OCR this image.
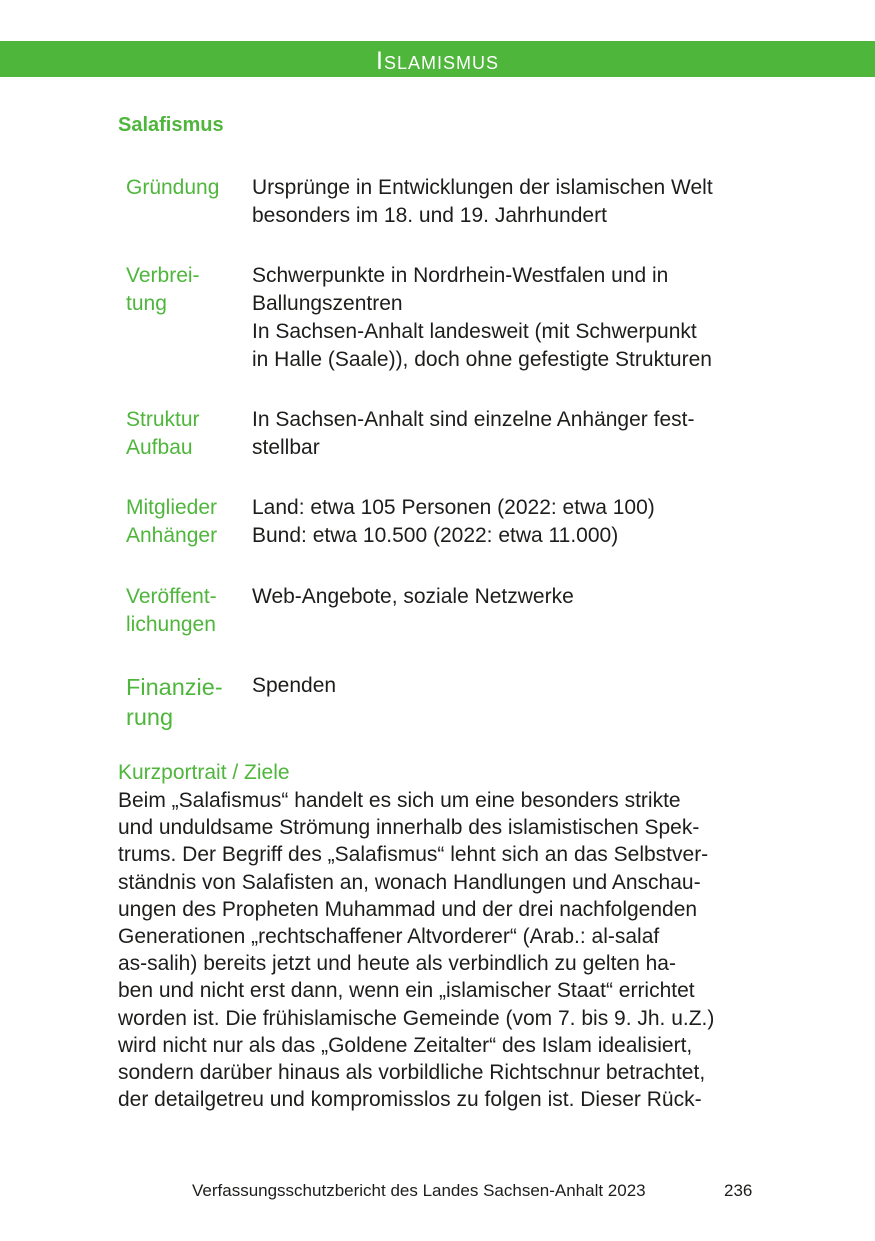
Islamismus
Salafismus
Gründung	Ursprünge in Entwicklungen der islamischen Welt
besonders im 18. und 19. Jahrhundert
Verbrei-
tung
Schwerpunkte in Nordrhein-Westfalen und in
Ballungszentren
In Sachsen-Anhalt landesweit (mit Schwerpunkt
in Halle (Saale)), doch ohne gefestigte Strukturen
Struktur
Aufbau
In Sachsen-Anhalt sind einzelne Anhänger fest-
stellbar
Mitglieder
Anhänger
Land: etwa 105 Personen (2022: etwa 100)
Bund: etwa 10.500 (2022: etwa 11.000)
Veröffent-
lichungen
Web-Angebote, soziale Netzwerke
Finanzie-
rung
Spenden
Kurzportrait / Ziele
Beim „Salafismus“ handelt es sich um eine besonders strikte
und unduldsame Strömung innerhalb des islamistischen Spek-
trums. Der Begriff des „Salafismus“ lehnt sich an das Selbstver-
ständnis von Salafisten an, wonach Handlungen und Anschau-
ungen des Propheten Muhammad und der drei nachfolgenden
Generationen „rechtschaffener Altvorderer“ (Arab.: al-salaf
as-salih) bereits jetzt und heute als verbindlich zu gelten ha-
ben und nicht erst dann, wenn ein „islamischer Staat“ errichtet
worden ist. Die frühislamische Gemeinde (vom 7. bis 9. Jh. u.Z.)
wird nicht nur als das „Goldene Zeitalter“ des Islam idealisiert,
sondern darüber hinaus als vorbildliche Richtschnur betrachtet,
der detailgetreu und kompromisslos zu folgen ist. Dieser Rück-
Verfassungsschutzbericht des Landes Sachsen-Anhalt 2023	236
